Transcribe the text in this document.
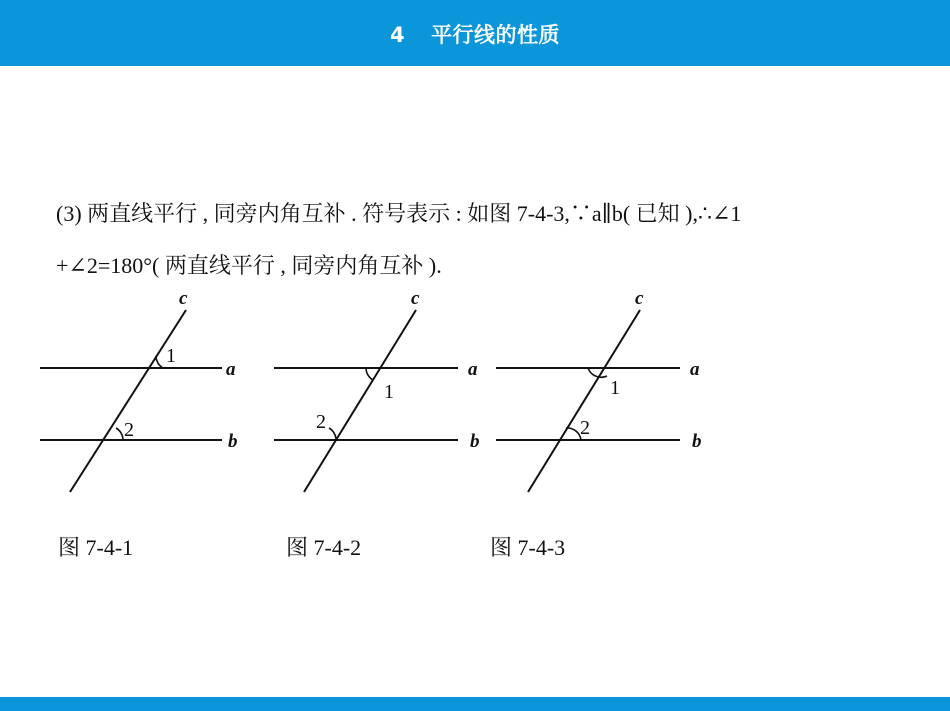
4 平行线的性质
(3) 两直线平行 , 同旁内角互补 . 符号表示 : 如图 7-4-3,∵a∥b( 已知 ),∴∠1
+∠2=180°( 两直线平行 , 同旁内角互补 ).
1
2
c
a
b
1
2
c
a
b
1
2
c
a
b
图 7-4-1	图 7-4-2	图 7-4-3
